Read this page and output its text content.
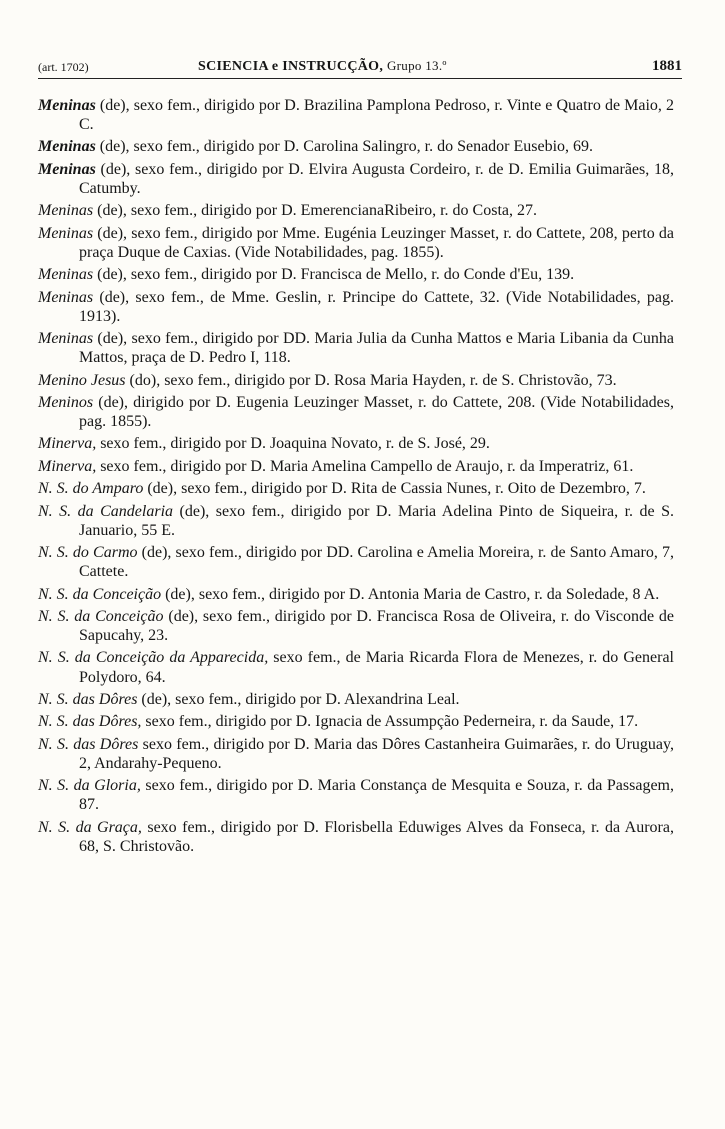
(art. 1702)	SCIENCIA e INSTRUCÇÃO, Grupo 13.º	1881

Meninas (de), sexo fem., dirigido por D. Brazilina Pamplona Pedroso, r. Vinte e Quatro de Maio, 2 C.

Meninas (de), sexo fem., dirigido por D. Carolina Salingro, r. do Senador Eusebio, 69.

Meninas (de), sexo fem., dirigido por D. Elvira Augusta Cordeiro, r. de D. Emilia Guimarães, 18, Catumby.

Meninas (de), sexo fem., dirigido por D. EmerencianaRibeiro, r. do Costa, 27.

Meninas (de), sexo fem., dirigido por Mme. Eugénia Leuzinger Masset, r. do Cattete, 208, perto da praça Duque de Caxias. (Vide Notabilidades, pag. 1855).

Meninas (de), sexo fem., dirigido por D. Francisca de Mello, r. do Conde d'Eu, 139.

Meninas (de), sexo fem., de Mme. Geslin, r. Principe do Cattete, 32. (Vide Notabilidades, pag. 1913).

Meninas (de), sexo fem., dirigido por DD. Maria Julia da Cunha Mattos e Maria Libania da Cunha Mattos, praça de D. Pedro I, 118.

Menino Jesus (do), sexo fem., dirigido por D. Rosa Maria Hayden, r. de S. Christovão, 73.

Meninos (de), dirigido por D. Eugenia Leuzinger Masset, r. do Cattete, 208. (Vide Notabilidades, pag. 1855).

Minerva, sexo fem., dirigido por D. Joaquina Novato, r. de S. José, 29.

Minerva, sexo fem., dirigido por D. Maria Amelina Campello de Araujo, r. da Imperatriz, 61.

N. S. do Amparo (de), sexo fem., dirigido por D. Rita de Cassia Nunes, r. Oito de Dezembro, 7.

N. S. da Candelaria (de), sexo fem., dirigido por D. Maria Adelina Pinto de Siqueira, r. de S. Januario, 55 E.

N. S. do Carmo (de), sexo fem., dirigido por DD. Carolina e Amelia Moreira, r. de Santo Amaro, 7, Cattete.

N. S. da Conceição (de), sexo fem., dirigido por D. Antonia Maria de Castro, r. da Soledade, 8 A.

N. S. da Conceição (de), sexo fem., dirigido por D. Francisca Rosa de Oliveira, r. do Visconde de Sapucahy, 23.

N. S. da Conceição da Apparecida, sexo fem., de Maria Ricarda Flora de Menezes, r. do General Polydoro, 64.

N. S. das Dôres (de), sexo fem., dirigido por D. Alexandrina Leal.

N. S. das Dôres, sexo fem., dirigido por D. Ignacia de Assumpção Pederneira, r. da Saude, 17.

N. S. das Dôres sexo fem., dirigido por D. Maria das Dôres Castanheira Guimarães, r. do Uruguay, 2, Andarahy-Pequeno.

N. S. da Gloria, sexo fem., dirigido por D. Maria Constança de Mesquita e Souza, r. da Passagem, 87.

N. S. da Graça, sexo fem., dirigido por D. Florisbella Eduwiges Alves da Fonseca, r. da Aurora, 68, S. Christovão.
